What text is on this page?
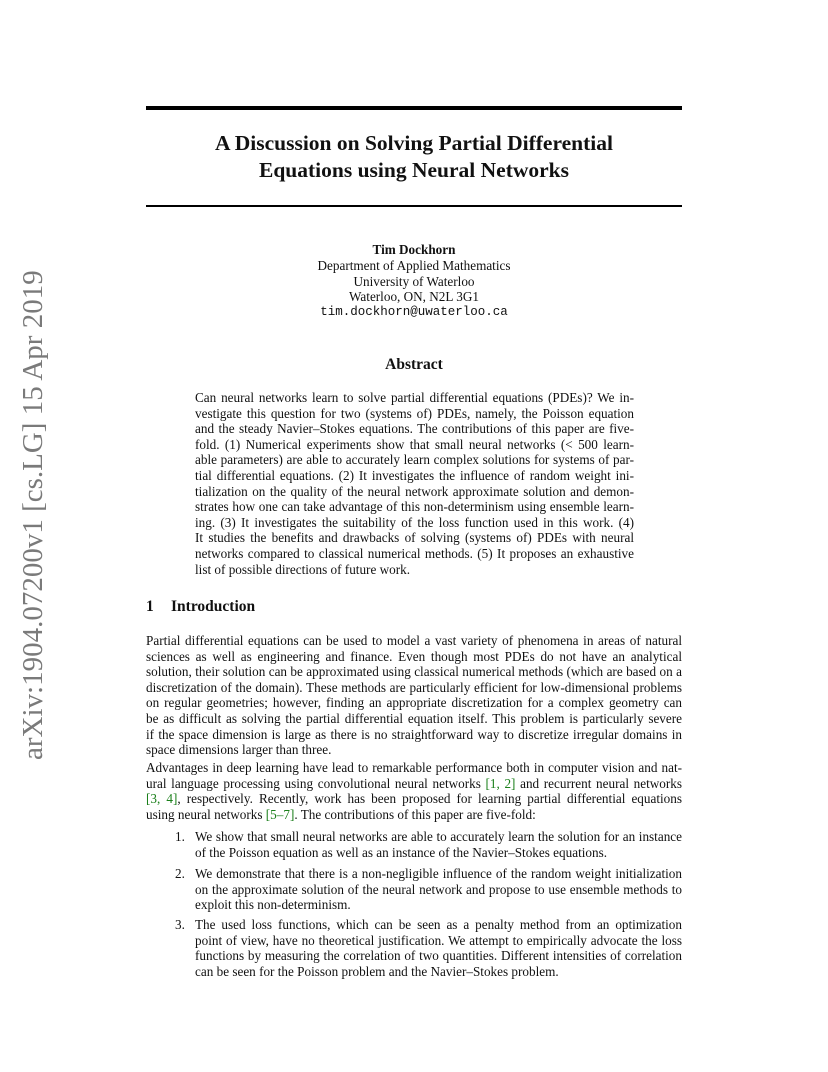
arXiv:1904.07200v1 [cs.LG] 15 Apr 2019
A Discussion on Solving Partial Differential
Equations using Neural Networks
Tim Dockhorn
Department of Applied Mathematics
University of Waterloo
Waterloo, ON, N2L 3G1
tim.dockhorn@uwaterloo.ca
Abstract
Can neural networks learn to solve partial differential equations (PDEs)? We in-
vestigate this question for two (systems of) PDEs, namely, the Poisson equation
and the steady Navier–Stokes equations. The contributions of this paper are five-
fold. (1) Numerical experiments show that small neural networks (< 500 learn-
able parameters) are able to accurately learn complex solutions for systems of par-
tial differential equations. (2) It investigates the influence of random weight ini-
tialization on the quality of the neural network approximate solution and demon-
strates how one can take advantage of this non-determinism using ensemble learn-
ing. (3) It investigates the suitability of the loss function used in this work. (4)
It studies the benefits and drawbacks of solving (systems of) PDEs with neural
networks compared to classical numerical methods. (5) It proposes an exhaustive
list of possible directions of future work.
1 Introduction
Partial differential equations can be used to model a vast variety of phenomena in areas of natural
sciences as well as engineering and finance. Even though most PDEs do not have an analytical
solution, their solution can be approximated using classical numerical methods (which are based on a
discretization of the domain). These methods are particularly efficient for low-dimensional problems
on regular geometries; however, finding an appropriate discretization for a complex geometry can
be as difficult as solving the partial differential equation itself. This problem is particularly severe
if the space dimension is large as there is no straightforward way to discretize irregular domains in
space dimensions larger than three.
Advantages in deep learning have lead to remarkable performance both in computer vision and nat-
ural language processing using convolutional neural networks [1, 2] and recurrent neural networks
[3, 4], respectively. Recently, work has been proposed for learning partial differential equations
using neural networks [5–7]. The contributions of this paper are five-fold:
1. We show that small neural networks are able to accurately learn the solution for an instance
of the Poisson equation as well as an instance of the Navier–Stokes equations.
2. We demonstrate that there is a non-negligible influence of the random weight initialization
on the approximate solution of the neural network and propose to use ensemble methods to
exploit this non-determinism.
3. The used loss functions, which can be seen as a penalty method from an optimization
point of view, have no theoretical justification. We attempt to empirically advocate the loss
functions by measuring the correlation of two quantities. Different intensities of correlation
can be seen for the Poisson problem and the Navier–Stokes problem.
